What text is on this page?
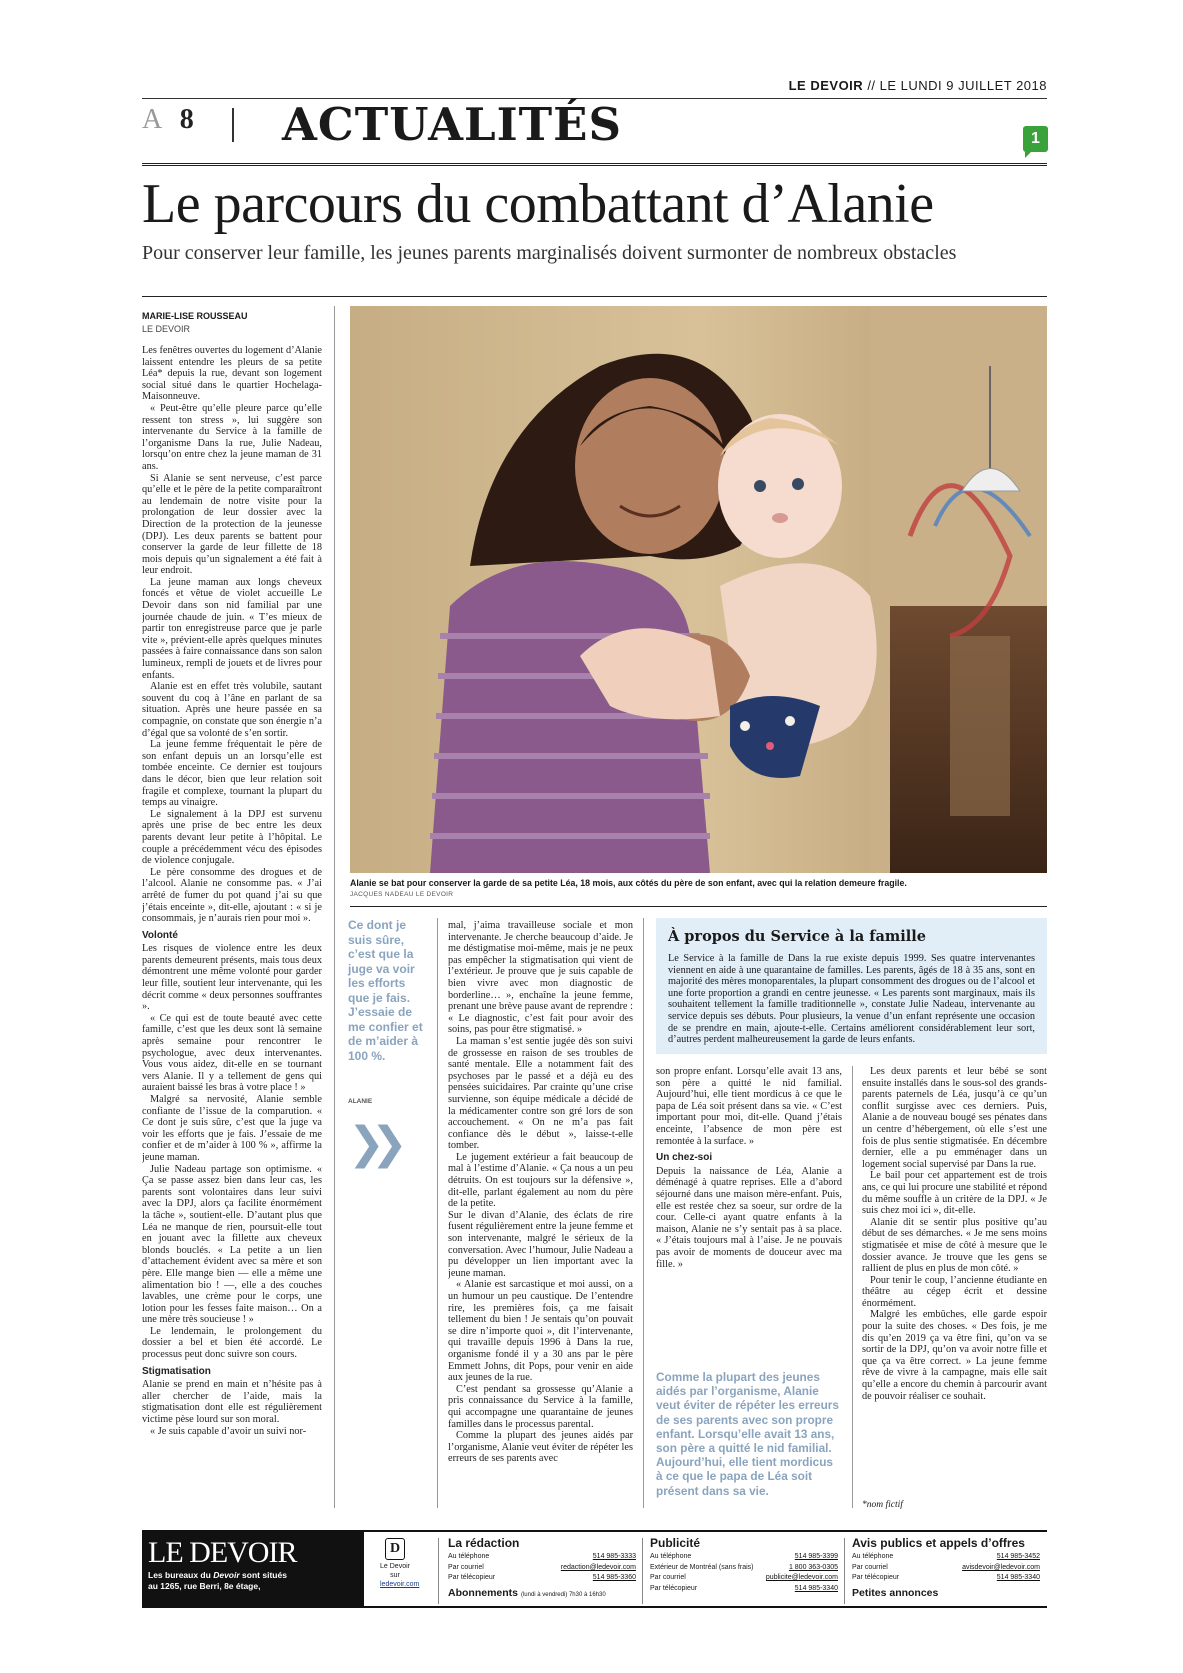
LE DEVOIR // LE LUNDI 9 JUILLET 2018
A 8 ACTUALITÉS	1
Le parcours du combattant d’Alanie
Pour conserver leur famille, les jeunes parents marginalisés doivent surmonter de nombreux obstacles
MARIE-LISE ROUSSEAU
LE DEVOIR

Les fenêtres ouvertes du logement d’Alanie laissent entendre les pleurs de sa petite Léa* depuis la rue, devant son logement social situé dans le quartier Hochelaga-Maisonneuve.

« Peut-être qu’elle pleure parce qu’elle ressent ton stress », lui suggère son intervenante du Service à la famille de l’organisme Dans la rue, Julie Nadeau, lorsqu’on entre chez la jeune maman de 31 ans.

Si Alanie se sent nerveuse, c’est parce qu’elle et le père de la petite comparaîtront au lendemain de notre visite pour la prolongation de leur dossier avec la Direction de la protection de la jeunesse (DPJ). Les deux parents se battent pour conserver la garde de leur fillette de 18 mois depuis qu’un signalement a été fait à leur endroit.

La jeune maman aux longs cheveux foncés et vêtue de violet accueille Le Devoir dans son nid familial par une journée chaude de juin. « T’es mieux de partir ton enregistreuse parce que je parle vite », prévient-elle après quelques minutes passées à faire connaissance dans son salon lumineux, rempli de jouets et de livres pour enfants.

Alanie est en effet très volubile, sautant souvent du coq à l’âne en parlant de sa situation. Après une heure passée en sa compagnie, on constate que son énergie n’a d’égal que sa volonté de s’en sortir.

La jeune femme fréquentait le père de son enfant depuis un an lorsqu’elle est tombée enceinte. Ce dernier est toujours dans le décor, bien que leur relation soit fragile et complexe, tournant la plupart du temps au vinaigre.

Le signalement à la DPJ est survenu après une prise de bec entre les deux parents devant leur petite à l’hôpital. Le couple a précédemment vécu des épisodes de violence conjugale.

Le père consomme des drogues et de l’alcool. Alanie ne consomme pas. « J’ai arrêté de fumer du pot quand j’ai su que j’étais enceinte », dit-elle, ajoutant : « si je consommais, je n’aurais rien pour moi ».

Volonté

Les risques de violence entre les deux parents demeurent présents, mais tous deux démontrent une même volonté pour garder leur fille, soutient leur intervenante, qui les décrit comme « deux personnes souffrantes ».

« Ce qui est de toute beauté avec cette famille, c’est que les deux sont là semaine après semaine pour rencontrer le psychologue, avec deux intervenantes. Vous vous aidez, dit-elle en se tournant vers Alanie. Il y a tellement de gens qui auraient baissé les bras à votre place ! »

Malgré sa nervosité, Alanie semble confiante de l’issue de la comparution. « Ce dont je suis sûre, c’est que la juge va voir les efforts que je fais. J’essaie de me confier et de m’aider à 100 % », affirme la jeune maman.

Julie Nadeau partage son optimisme. « Ça se passe assez bien dans leur cas, les parents sont volontaires dans leur suivi avec la DPJ, alors ça facilite énormément la tâche », soutient-elle. D’autant plus que Léa ne manque de rien, poursuit-elle tout en jouant avec la fillette aux cheveux blonds bouclés. « La petite a un lien d’attachement évident avec sa mère et son père. Elle mange bien — elle a même une alimentation bio ! —, elle a des couches lavables, une crème pour le corps, une lotion pour les fesses faite maison… On a une mère très soucieuse ! »

Le lendemain, le prolongement du dossier a bel et bien été accordé. Le processus peut donc suivre son cours.

Stigmatisation

Alanie se prend en main et n’hésite pas à aller chercher de l’aide, mais la stigmatisation dont elle est régulièrement victime pèse lourd sur son moral.

« Je suis capable d’avoir un suivi nor-

Alanie se bat pour conserver la garde de sa petite Léa, 18 mois, aux côtés du père de son enfant, avec qui la relation demeure fragile.
JACQUES NADEAU LE DEVOIR
Ce dont je suis sûre, c’est que la juge va voir les efforts que je fais. J’essaie de me confier et de m’aider à 100 %.
ALANIE
❯❯

mal, j’aima travailleuse sociale et mon intervenante. Je cherche beaucoup d’aide. Je me déstigmatise moi-même, mais je ne peux pas empêcher la stigmatisation qui vient de l’extérieur. Je prouve que je suis capable de bien vivre avec mon diagnostic de borderline… », enchaîne la jeune femme, prenant une brève pause avant de reprendre : « Le diagnostic, c’est fait pour avoir des soins, pas pour être stigmatisé. »

La maman s’est sentie jugée dès son suivi de grossesse en raison de ses troubles de santé mentale. Elle a notamment fait des psychoses par le passé et a déjà eu des pensées suicidaires. Par crainte qu’une crise survienne, son équipe médicale a décidé de la médicamenter contre son gré lors de son accouchement. « On ne m’a pas fait confiance dès le début », laisse-t-elle tomber.

Le jugement extérieur a fait beaucoup de mal à l’estime d’Alanie. « Ça nous a un peu détruits. On est toujours sur la défensive », dit-elle, parlant également au nom du père de la petite.

Sur le divan d’Alanie, des éclats de rire fusent régulièrement entre la jeune femme et son intervenante, malgré le sérieux de la conversation. Avec l’humour, Julie Nadeau a pu développer un lien important avec la jeune maman.

« Alanie est sarcastique et moi aussi, on a un humour un peu caustique. De l’entendre rire, les premières fois, ça me faisait tellement du bien ! Je sentais qu’on pouvait se dire n’importe quoi », dit l’intervenante, qui travaille depuis 1996 à Dans la rue, organisme fondé il y a 30 ans par le père Emmett Johns, dit Pops, pour venir en aide aux jeunes de la rue.

C’est pendant sa grossesse qu’Alanie a pris connaissance du Service à la famille, qui accompagne une quarantaine de jeunes familles dans le processus parental.

Comme la plupart des jeunes aidés par l’organisme, Alanie veut éviter de répéter les erreurs de ses parents avec

À propos du Service à la famille

Le Service à la famille de Dans la rue existe depuis 1999. Ses quatre intervenantes viennent en aide à une quarantaine de familles. Les parents, âgés de 18 à 35 ans, sont en majorité des mères monoparentales, la plupart consomment des drogues ou de l’alcool et une forte proportion a grandi en centre jeunesse. « Les parents sont marginaux, mais ils souhaitent tellement la famille traditionnelle », constate Julie Nadeau, intervenante au service depuis ses débuts. Pour plusieurs, la venue d’un enfant représente une occasion de se prendre en main, ajoute-t-elle. Certains améliorent considérablement leur sort, d’autres perdent malheureusement la garde de leurs enfants.

son propre enfant. Lorsqu’elle avait 13 ans, son père a quitté le nid familial. Aujourd’hui, elle tient mordicus à ce que le papa de Léa soit présent dans sa vie. « C’est important pour moi, dit-elle. Quand j’étais enceinte, l’absence de mon père est remontée à la surface. »

Un chez-soi

Depuis la naissance de Léa, Alanie a déménagé à quatre reprises. Elle a d’abord séjourné dans une maison mère-enfant. Puis, elle est restée chez sa soeur, sur ordre de la cour. Celle-ci ayant quatre enfants à la maison, Alanie ne s’y sentait pas à sa place. « J’étais toujours mal à l’aise. Je ne pouvais pas avoir de moments de douceur avec ma fille. »

Comme la plupart des jeunes aidés par l’organisme, Alanie veut éviter de répéter les erreurs de ses parents avec son propre enfant. Lorsqu’elle avait 13 ans, son père a quitté le nid familial. Aujourd’hui, elle tient mordicus à ce que le papa de Léa soit présent dans sa vie.

Les deux parents et leur bébé se sont ensuite installés dans le sous-sol des grands-parents paternels de Léa, jusqu’à ce qu’un conflit surgisse avec ces derniers. Puis, Alanie a de nouveau bougé ses pénates dans un centre d’hébergement, où elle s’est une fois de plus sentie stigmatisée. En décembre dernier, elle a pu emménager dans un logement social supervisé par Dans la rue.

Le bail pour cet appartement est de trois ans, ce qui lui procure une stabilité et répond du même souffle à un critère de la DPJ. « Je suis chez moi ici », dit-elle.

Alanie dit se sentir plus positive qu’au début de ses démarches. « Je me sens moins stigmatisée et mise de côté à mesure que le dossier avance. Je trouve que les gens se rallient de plus en plus de mon côté. »

Pour tenir le coup, l’ancienne étudiante en théâtre au cégep écrit et dessine énormément.

Malgré les embûches, elle garde espoir pour la suite des choses. « Des fois, je me dis qu’en 2019 ça va être fini, qu’on va se sortir de la DPJ, qu’on va avoir notre fille et que ça va être correct. » La jeune femme rêve de vivre à la campagne, mais elle sait qu’elle a encore du chemin à parcourir avant de pouvoir réaliser ce souhait.

*nom fictif
LE DEVOIR
Les bureaux du Devoir sont situés
au 1265, rue Berri, 8e étage,
D
Le Devoir sur
ledevoir.com
La rédaction
Au téléphone	514 985-3333
Par courriel	redaction@ledevoir.com
Par télécopieur	514 985-3360
Abonnements (lundi à vendredi) 7h30 à 16h30
Publicité
Au téléphone	514 985-3399
Extérieur de Montréal (sans frais)	1 800 363-0305
Par courriel	publicite@ledevoir.com
Par télécopieur	514 985-3340
Avis publics et appels d’offres
Au téléphone	514 985-3452
Par courriel	avisdevoir@ledevoir.com
Par télécopieur	514 985-3340
Petites annonces
